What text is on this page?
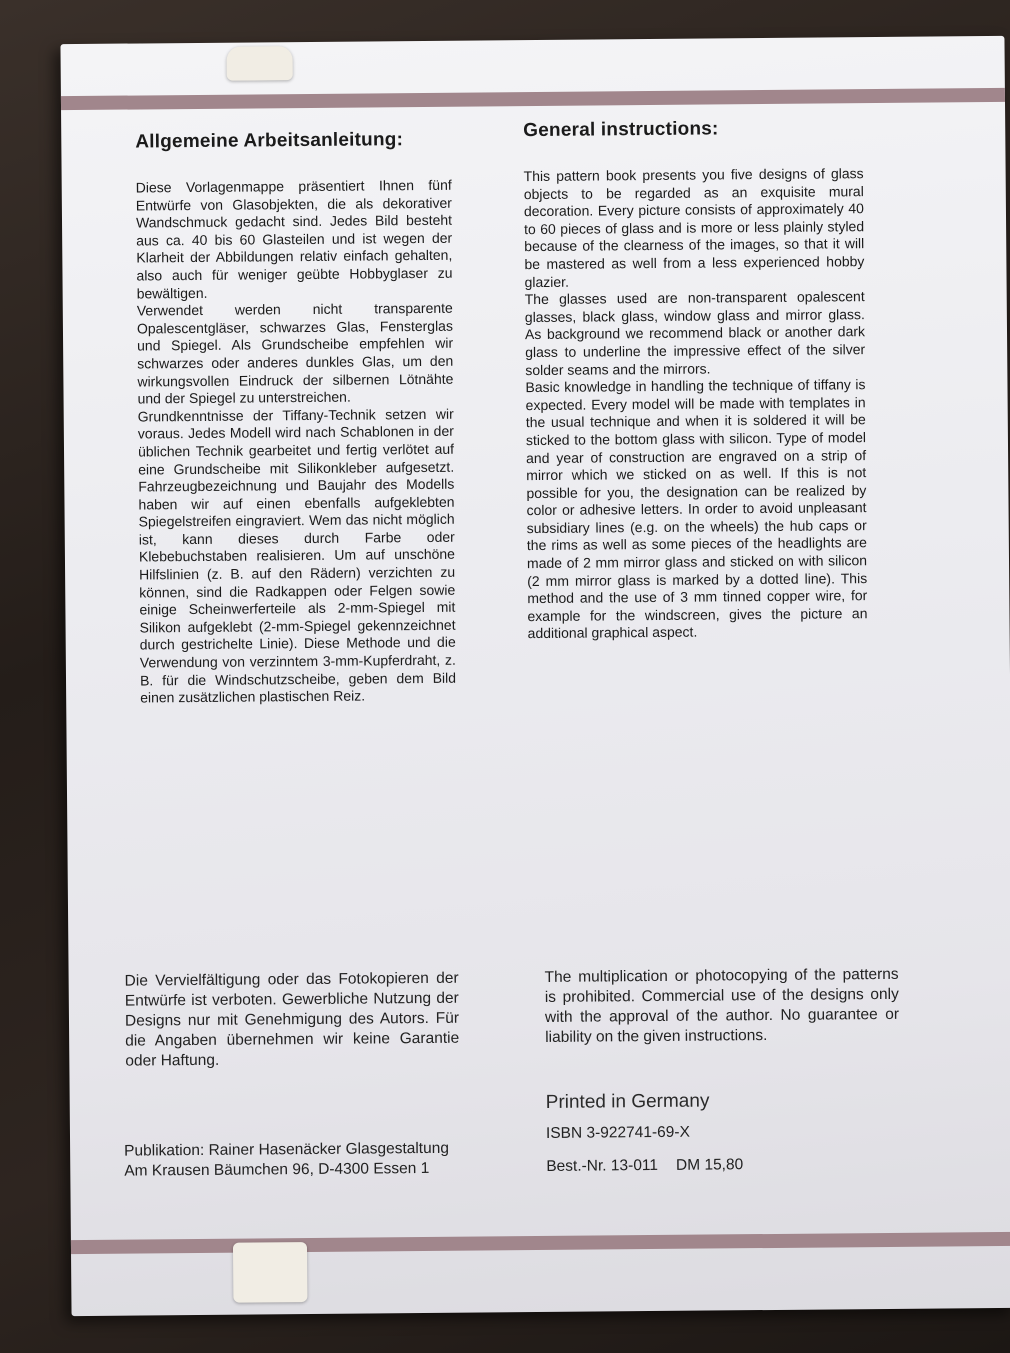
Allgemeine Arbeitsanleitung:

Diese Vorlagenmappe präsentiert Ihnen fünf Entwürfe von Glasobjekten, die als dekorativer Wandschmuck gedacht sind. Jedes Bild besteht aus ca. 40 bis 60 Glasteilen und ist wegen der Klarheit der Abbildungen relativ einfach gehalten, also auch für weniger geübte Hobbyglaser zu bewältigen.

Verwendet werden nicht transparente Opalescentgläser, schwarzes Glas, Fensterglas und Spiegel. Als Grundscheibe empfehlen wir schwarzes oder anderes dunkles Glas, um den wirkungsvollen Eindruck der silbernen Lötnähte und der Spiegel zu unterstreichen.

Grundkenntnisse der Tiffany-Technik setzen wir voraus. Jedes Modell wird nach Schablonen in der üblichen Technik gearbeitet und fertig verlötet auf eine Grundscheibe mit Silikonkleber aufgesetzt. Fahrzeugbezeichnung und Baujahr des Modells haben wir auf einen ebenfalls aufgeklebten Spiegelstreifen eingraviert. Wem das nicht möglich ist, kann dieses durch Farbe oder Klebebuchstaben realisieren. Um auf unschöne Hilfslinien (z. B. auf den Rädern) verzichten zu können, sind die Radkappen oder Felgen sowie einige Scheinwerferteile als 2-mm-Spiegel mit Silikon aufgeklebt (2-mm-Spiegel gekennzeichnet durch gestrichelte Linie). Diese Methode und die Verwendung von verzinntem 3-mm-Kupferdraht, z. B. für die Windschutzscheibe, geben dem Bild einen zusätzlichen plastischen Reiz.

General instructions:

This pattern book presents you five designs of glass objects to be regarded as an exquisite mural decoration. Every picture consists of approximately 40 to 60 pieces of glass and is more or less plainly styled because of the clearness of the images, so that it will be mastered as well from a less experienced hobby glazier.

The glasses used are non-transparent opalescent glasses, black glass, window glass and mirror glass. As background we recommend black or another dark glass to underline the impressive effect of the silver solder seams and the mirrors.

Basic knowledge in handling the technique of tiffany is expected. Every model will be made with templates in the usual technique and when it is soldered it will be sticked to the bottom glass with silicon. Type of model and year of construction are engraved on a strip of mirror which we sticked on as well. If this is not possible for you, the designation can be realized by color or adhesive letters. In order to avoid unpleasant subsidiary lines (e.g. on the wheels) the hub caps or the rims as well as some pieces of the headlights are made of 2 mm mirror glass and sticked on with silicon (2 mm mirror glass is marked by a dotted line). This method and the use of 3 mm tinned copper wire, for example for the windscreen, gives the picture an additional graphical aspect.

Die Vervielfältigung oder das Fotokopieren der Entwürfe ist verboten. Gewerbliche Nutzung der Designs nur mit Genehmigung des Autors. Für die Angaben übernehmen wir keine Garantie oder Haftung.
The multiplication or photocopying of the patterns is prohibited. Commercial use of the designs only with the approval of the author. No guarantee or liability on the given instructions.
Printed in Germany
ISBN 3-922741-69-X
Best.-Nr. 13-011 DM 15,80
Publikation: Rainer Hasenäcker Glasgestaltung
Am Krausen Bäumchen 96, D-4300 Essen 1
